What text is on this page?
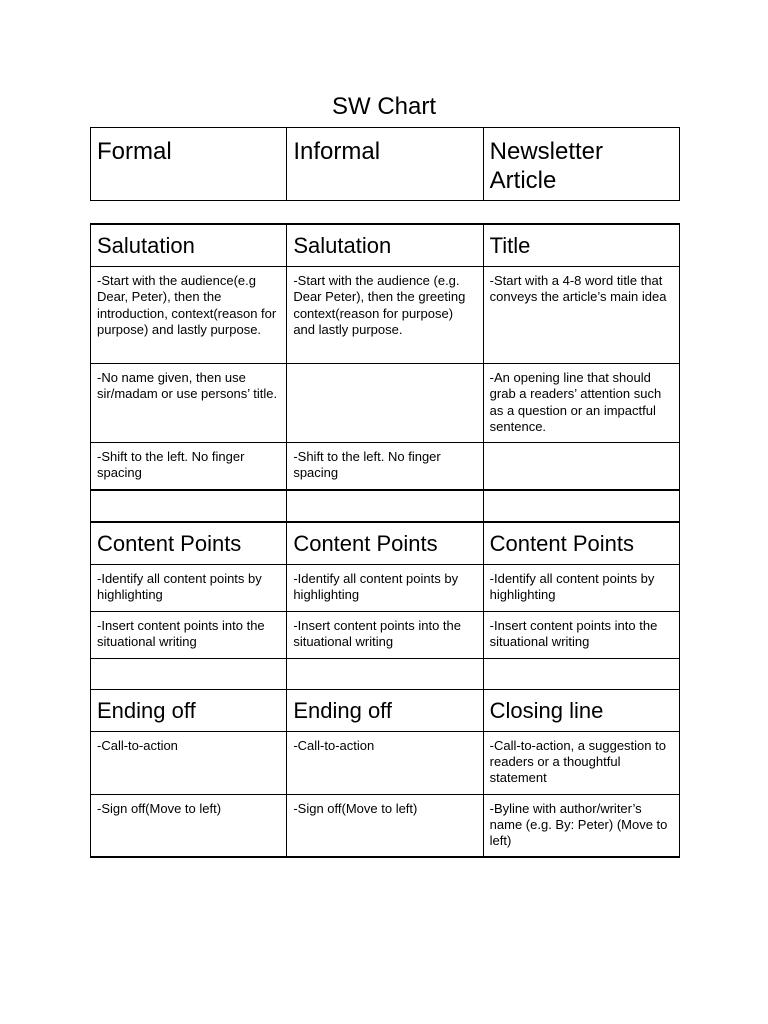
SW Chart
Formal	Informal	Newsletter Article
Salutation	Salutation	Title
-Start with the audience(e.g Dear, Peter), then the introduction, context(reason for purpose) and lastly purpose.	-Start with the audience (e.g. Dear Peter), then the greeting context(reason for purpose) and lastly purpose.	-Start with a 4-8 word title that conveys the article’s main idea
-No name given, then use sir/madam or use persons’ title.		-An opening line that should grab a readers’ attention such as a question or an impactful sentence.
-Shift to the left. No finger spacing	-Shift to the left. No finger spacing	

Content Points	Content Points	Content Points
-Identify all content points by highlighting	-Identify all content points by highlighting	-Identify all content points by highlighting
-Insert content points into the situational writing	-Insert content points into the situational writing	-Insert content points into the situational writing

Ending off	Ending off	Closing line
-Call-to-action	-Call-to-action	-Call-to-action, a suggestion to readers or a thoughtful statement
-Sign off(Move to left)	-Sign off(Move to left)	-Byline with author/writer’s name (e.g. By: Peter) (Move to left)
